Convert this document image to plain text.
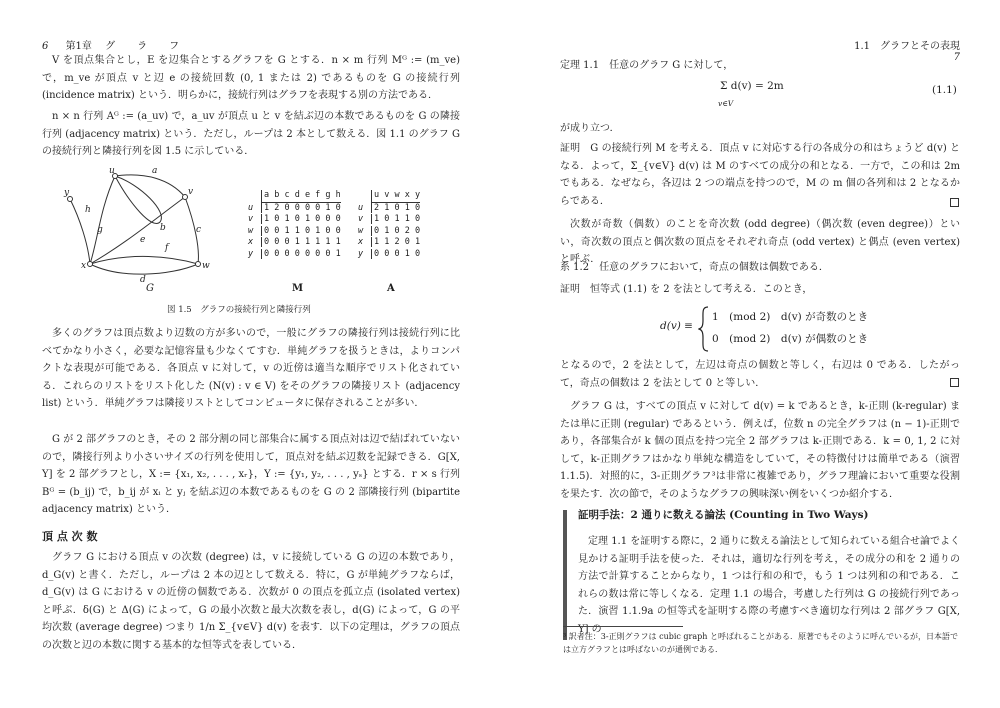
6 第1章 グ　ラ　フ

V を頂点集合とし，E を辺集合とするグラフを G とする．n × m 行列 Mᴳ := (m_ve) で，m_ve が頂点 v と辺 e の接続回数 (0, 1 または 2) であるものを G の接続行列 (incidence matrix) という．明らかに，接続行列はグラフを表現する別の方法である．

n × n 行列 Aᴳ := (a_uv) で，a_uv が頂点 u と v を結ぶ辺の本数であるものを G の隣接行列 (adjacency matrix) という．ただし，ループは 2 本として数える．図 1.1 のグラフ G の接続行列と隣接行列を図 1.5 に示している．

u
v
w
x
y
a
b	c
d
e
f
g
h
G
a b c d e f g h
u 1 2 0 0 0 0 1 0
v 1 0 1 0 1 0 0 0
w 0 0 1 1 0 1 0 0
x 0 0 0 1 1 1 1 1
y 0 0 0 0 0 0 0 1
M
u v w x y
u 2 1 0 1 0
v 1 0 1 1 0
w 0 1 0 2 0
x 1 1 2 0 1
y 0 0 0 1 0
A
図 1.5　グラフの接続行列と隣接行列

多くのグラフは頂点数より辺数の方が多いので，一般にグラフの隣接行列は接続行列に比べてかなり小さく，必要な記憶容量も少なくてすむ．単純グラフを扱うときは，よりコンパクトな表現が可能である．各頂点 v に対して，v の近傍は適当な順序でリスト化されている．これらのリストをリスト化した (N(v) : v ∈ V) をそのグラフの隣接リスト (adjacency list) という．単純グラフは隣接リストとしてコンピュータに保存されることが多い．

G が 2 部グラフのとき，その 2 部分割の同じ部集合に属する頂点対は辺で結ばれていないので，隣接行列より小さいサイズの行列を使用して，頂点対を結ぶ辺数を記録できる．G[X, Y] を 2 部グラフとし，X := {x₁, x₂, . . . , xᵣ}，Y := {y₁, y₂, . . . , yₛ} とする．r × s 行列 Bᴳ = (b_ij) で，b_ij が xᵢ と yⱼ を結ぶ辺の本数であるものを G の 2 部隣接行列 (bipartite adjacency matrix) という．

頂 点 次 数

グラフ G における頂点 v の次数 (degree) は，v に接続している G の辺の本数であり，d_G(v) と書く．ただし，ループは 2 本の辺として数える．特に，G が単純グラフならば，d_G(v) は G における v の近傍の個数である．次数が 0 の頂点を孤立点 (isolated vertex) と呼ぶ．δ(G) と Δ(G) によって，G の最小次数と最大次数を表し，d(G) によって，G の平均次数 (average degree) つまり 1/n Σ_{v∈V} d(v) を表す．以下の定理は，グラフの頂点の次数と辺の本数に関する基本的な恒等式を表している．

1.1　グラフとその表現 7
定理 1.1　任意のグラフ G に対して，
Σ d(v) = 2m
v∈V
(1.1)
が成り立つ．

証明　G の接続行列 M を考える．頂点 v に対応する行の各成分の和はちょうど d(v) となる．よって，Σ_{v∈V} d(v) は M のすべての成分の和となる．一方で，この和は 2m でもある．なぜなら，各辺は 2 つの端点を持つので，M の m 個の各列和は 2 となるからである．

次数が奇数（偶数）のことを奇次数 (odd degree)（偶次数 (even degree)）といい，奇次数の頂点と偶次数の頂点をそれぞれ奇点 (odd vertex) と偶点 (even vertex) と呼ぶ．

系 1.2　任意のグラフにおいて，奇点の個数は偶数である．
証明　恒等式 (1.1) を 2 を法として考える．このとき，
d(v) ≡
1　(mod 2)　d(v) が奇数のとき
0　(mod 2)　d(v) が偶数のとき

となるので，2 を法として，左辺は奇点の個数と等しく，右辺は 0 である．したがって，奇点の個数は 2 を法として 0 と等しい．

グラフ G は，すべての頂点 v に対して d(v) = k であるとき，k-正則 (k-regular) または単に正則 (regular) であるという．例えば，位数 n の完全グラフは (n − 1)-正則であり，各部集合が k 個の頂点を持つ完全 2 部グラフは k-正則である．k = 0, 1, 2 に対して，k-正則グラフはかなり単純な構造をしていて，その特徴付けは簡単である（演習 1.1.5)．対照的に，3-正則グラフ³は非常に複雑であり，グラフ理論において重要な役割を果たす．次の節で，そのようなグラフの興味深い例をいくつか紹介する．

証明手法：2 通りに数える論法 (Counting in Two Ways)

定理 1.1 を証明する際に，2 通りに数える論法として知られている組合せ論でよく見かける証明手法を使った．それは，適切な行列を考え，その成分の和を 2 通りの方法で計算することからなり，1 つは行和の和で，もう 1 つは列和の和である．これらの数は常に等しくなる．定理 1.1 の場合，考慮した行列は G の接続行列であった．演習 1.1.9a の恒等式を証明する際の考慮すべき適切な行列は 2 部グラフ G[X, Y] の

³ 訳者注：3-正則グラフは cubic graph と呼ばれることがある．原著でもそのように呼んでいるが，日本語では立方グラフとは呼ばないのが通例である．
